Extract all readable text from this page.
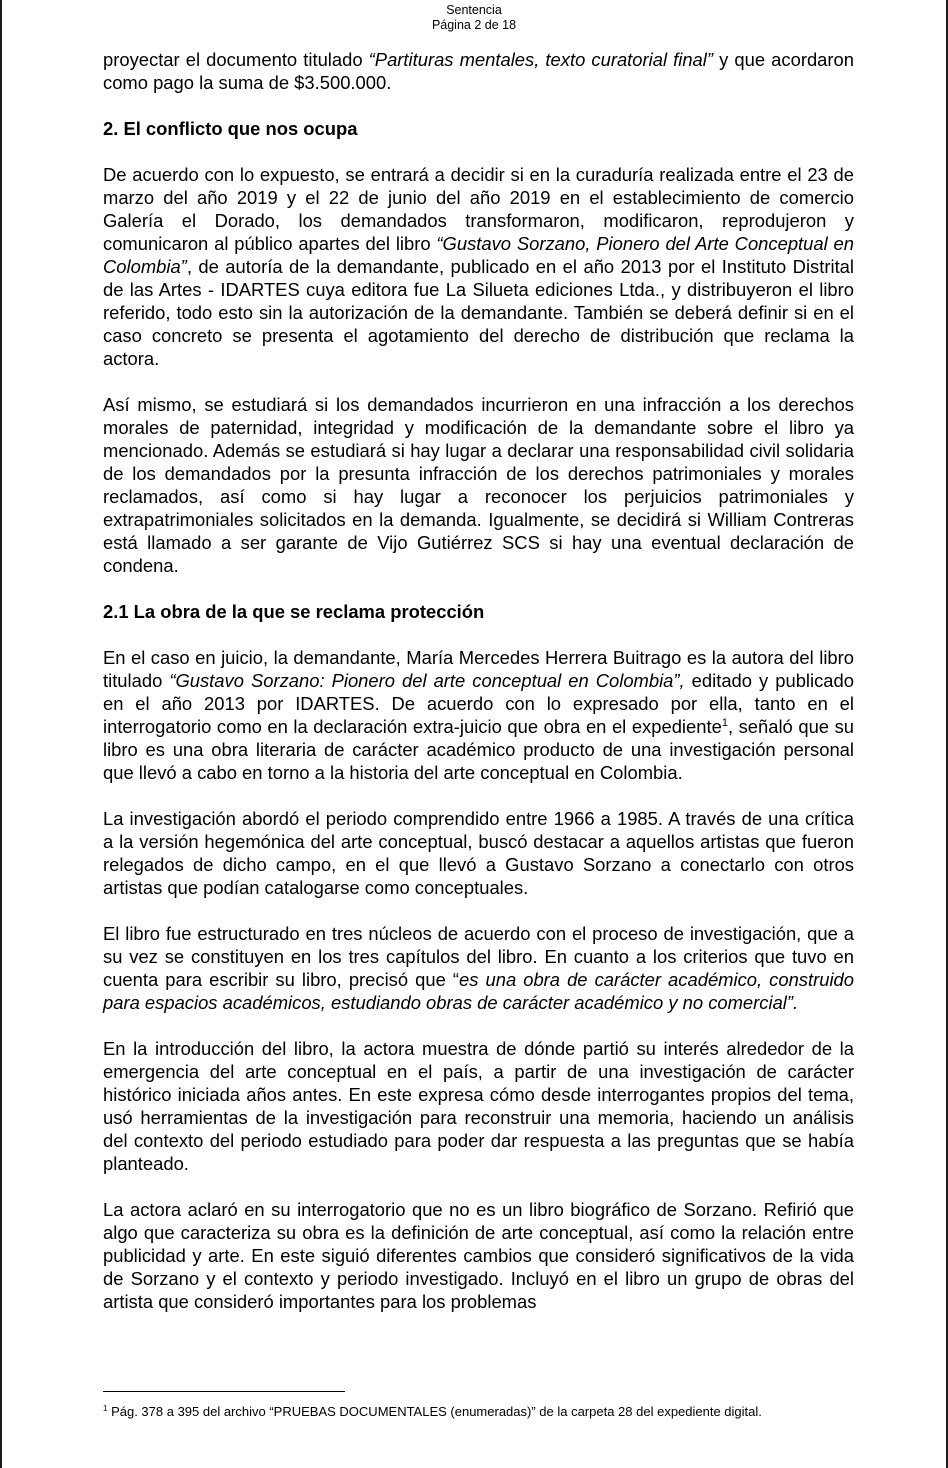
Sentencia
Página 2 de 18

proyectar el documento titulado “Partituras mentales, texto curatorial final” y que acordaron como pago la suma de $3.500.000.

2. El conflicto que nos ocupa

De acuerdo con lo expuesto, se entrará a decidir si en la curaduría realizada entre el 23 de marzo del año 2019 y el 22 de junio del año 2019 en el establecimiento de comercio Galería el Dorado, los demandados transformaron, modificaron, reprodujeron y comunicaron al público apartes del libro “Gustavo Sorzano, Pionero del Arte Conceptual en Colombia”, de autoría de la demandante, publicado en el año 2013 por el Instituto Distrital de las Artes - IDARTES cuya editora fue La Silueta ediciones Ltda., y distribuyeron el libro referido, todo esto sin la autorización de la demandante. También se deberá definir si en el caso concreto se presenta el agotamiento del derecho de distribución que reclama la actora.

Así mismo, se estudiará si los demandados incurrieron en una infracción a los derechos morales de paternidad, integridad y modificación de la demandante sobre el libro ya mencionado. Además se estudiará si hay lugar a declarar una responsabilidad civil solidaria de los demandados por la presunta infracción de los derechos patrimoniales y morales reclamados, así como si hay lugar a reconocer los perjuicios patrimoniales y extrapatrimoniales solicitados en la demanda. Igualmente, se decidirá si William Contreras está llamado a ser garante de Vijo Gutiérrez SCS si hay una eventual declaración de condena.

2.1 La obra de la que se reclama protección

En el caso en juicio, la demandante, María Mercedes Herrera Buitrago es la autora del libro titulado “Gustavo Sorzano: Pionero del arte conceptual en Colombia”, editado y publicado en el año 2013 por IDARTES. De acuerdo con lo expresado por ella, tanto en el interrogatorio como en la declaración extra-juicio que obra en el expediente$^1$, señaló que su libro es una obra literaria de carácter académico producto de una investigación personal que llevó a cabo en torno a la historia del arte conceptual en Colombia.

La investigación abordó el periodo comprendido entre 1966 a 1985. A través de una crítica a la versión hegemónica del arte conceptual, buscó destacar a aquellos artistas que fueron relegados de dicho campo, en el que llevó a Gustavo Sorzano a conectarlo con otros artistas que podían catalogarse como conceptuales.

El libro fue estructurado en tres núcleos de acuerdo con el proceso de investigación, que a su vez se constituyen en los tres capítulos del libro. En cuanto a los criterios que tuvo en cuenta para escribir su libro, precisó que “es una obra de carácter académico, construido para espacios académicos, estudiando obras de carácter académico y no comercial”.

En la introducción del libro, la actora muestra de dónde partió su interés alrededor de la emergencia del arte conceptual en el país, a partir de una investigación de carácter histórico iniciada años antes. En este expresa cómo desde interrogantes propios del tema, usó herramientas de la investigación para reconstruir una memoria, haciendo un análisis del contexto del periodo estudiado para poder dar respuesta a las preguntas que se había planteado.

La actora aclaró en su interrogatorio que no es un libro biográfico de Sorzano. Refirió que algo que caracteriza su obra es la definición de arte conceptual, así como la relación entre publicidad y arte. En este siguió diferentes cambios que consideró significativos de la vida de Sorzano y el contexto y periodo investigado. Incluyó en el libro un grupo de obras del artista que consideró importantes para los problemas

$^1$ Pág. 378 a 395 del archivo “PRUEBAS DOCUMENTALES (enumeradas)” de la carpeta 28 del expediente digital.
